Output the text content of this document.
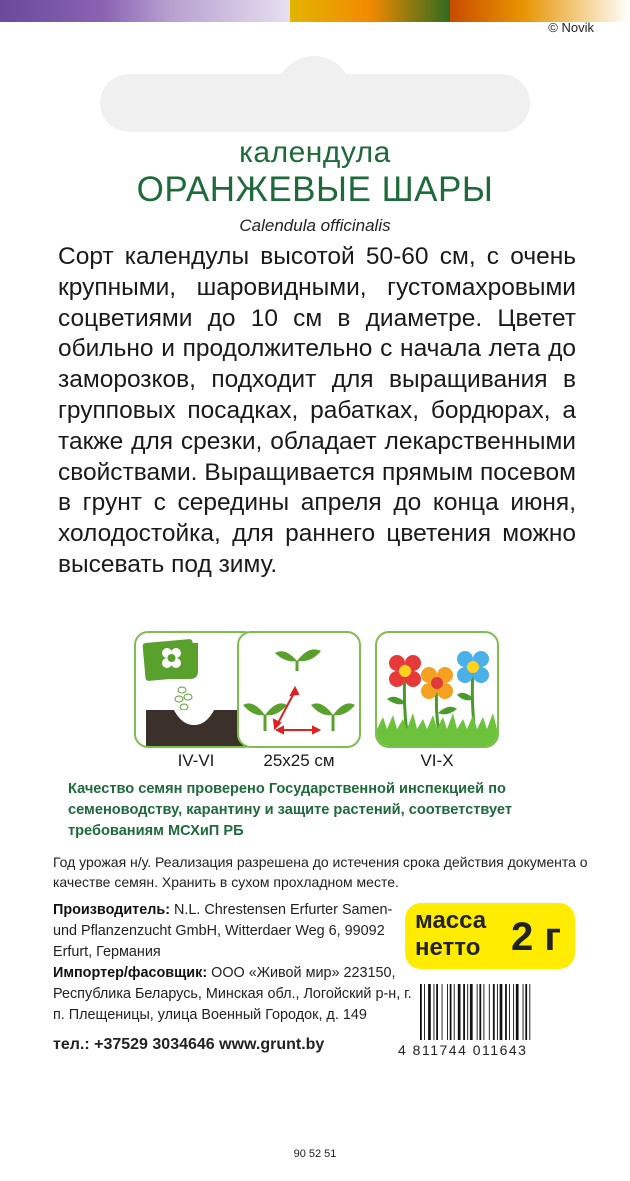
© Novik
календула
ОРАНЖЕВЫЕ ШАРЫ
Calendula officinalis
Сорт календулы высотой 50-60 см, с очень крупными, шаровидными, густомахровыми соцветиями до 10 см в диаметре. Цветет обильно и продолжительно с начала лета до заморозков, подходит для выращивания в групповых посадках, рабатках, бордюрах, а также для срезки, обладает лекарственными свойствами. Выращивается прямым посевом в грунт с середины апреля до конца июня, холодостойка, для раннего цветения можно высевать под зиму.
IV-VI	25x25 см	VI-X
Качество семян проверено Государственной инспекцией по семеноводству, карантину и защите растений, соответствует требованиям МСХиП РБ
Год урожая н/у. Реализация разрешена до истечения срока действия документа о качестве семян. Хранить в сухом прохладном месте.
Производитель: N.L. Chrestensen Erfurter Samen- und Pflanzenzucht GmbH, Witterdaer Weg 6, 99092 Erfurt, Германия
Импортер/фасовщик: ООО «Живой мир» 223150, Республика Беларусь, Минская обл., Логойский р-н, г. п. Плещеницы, улица Военный Городок, д. 149
тел.: +37529 3034646 www.grunt.by
масса
нетто 2 г
4 811744 011643
90 52 51
